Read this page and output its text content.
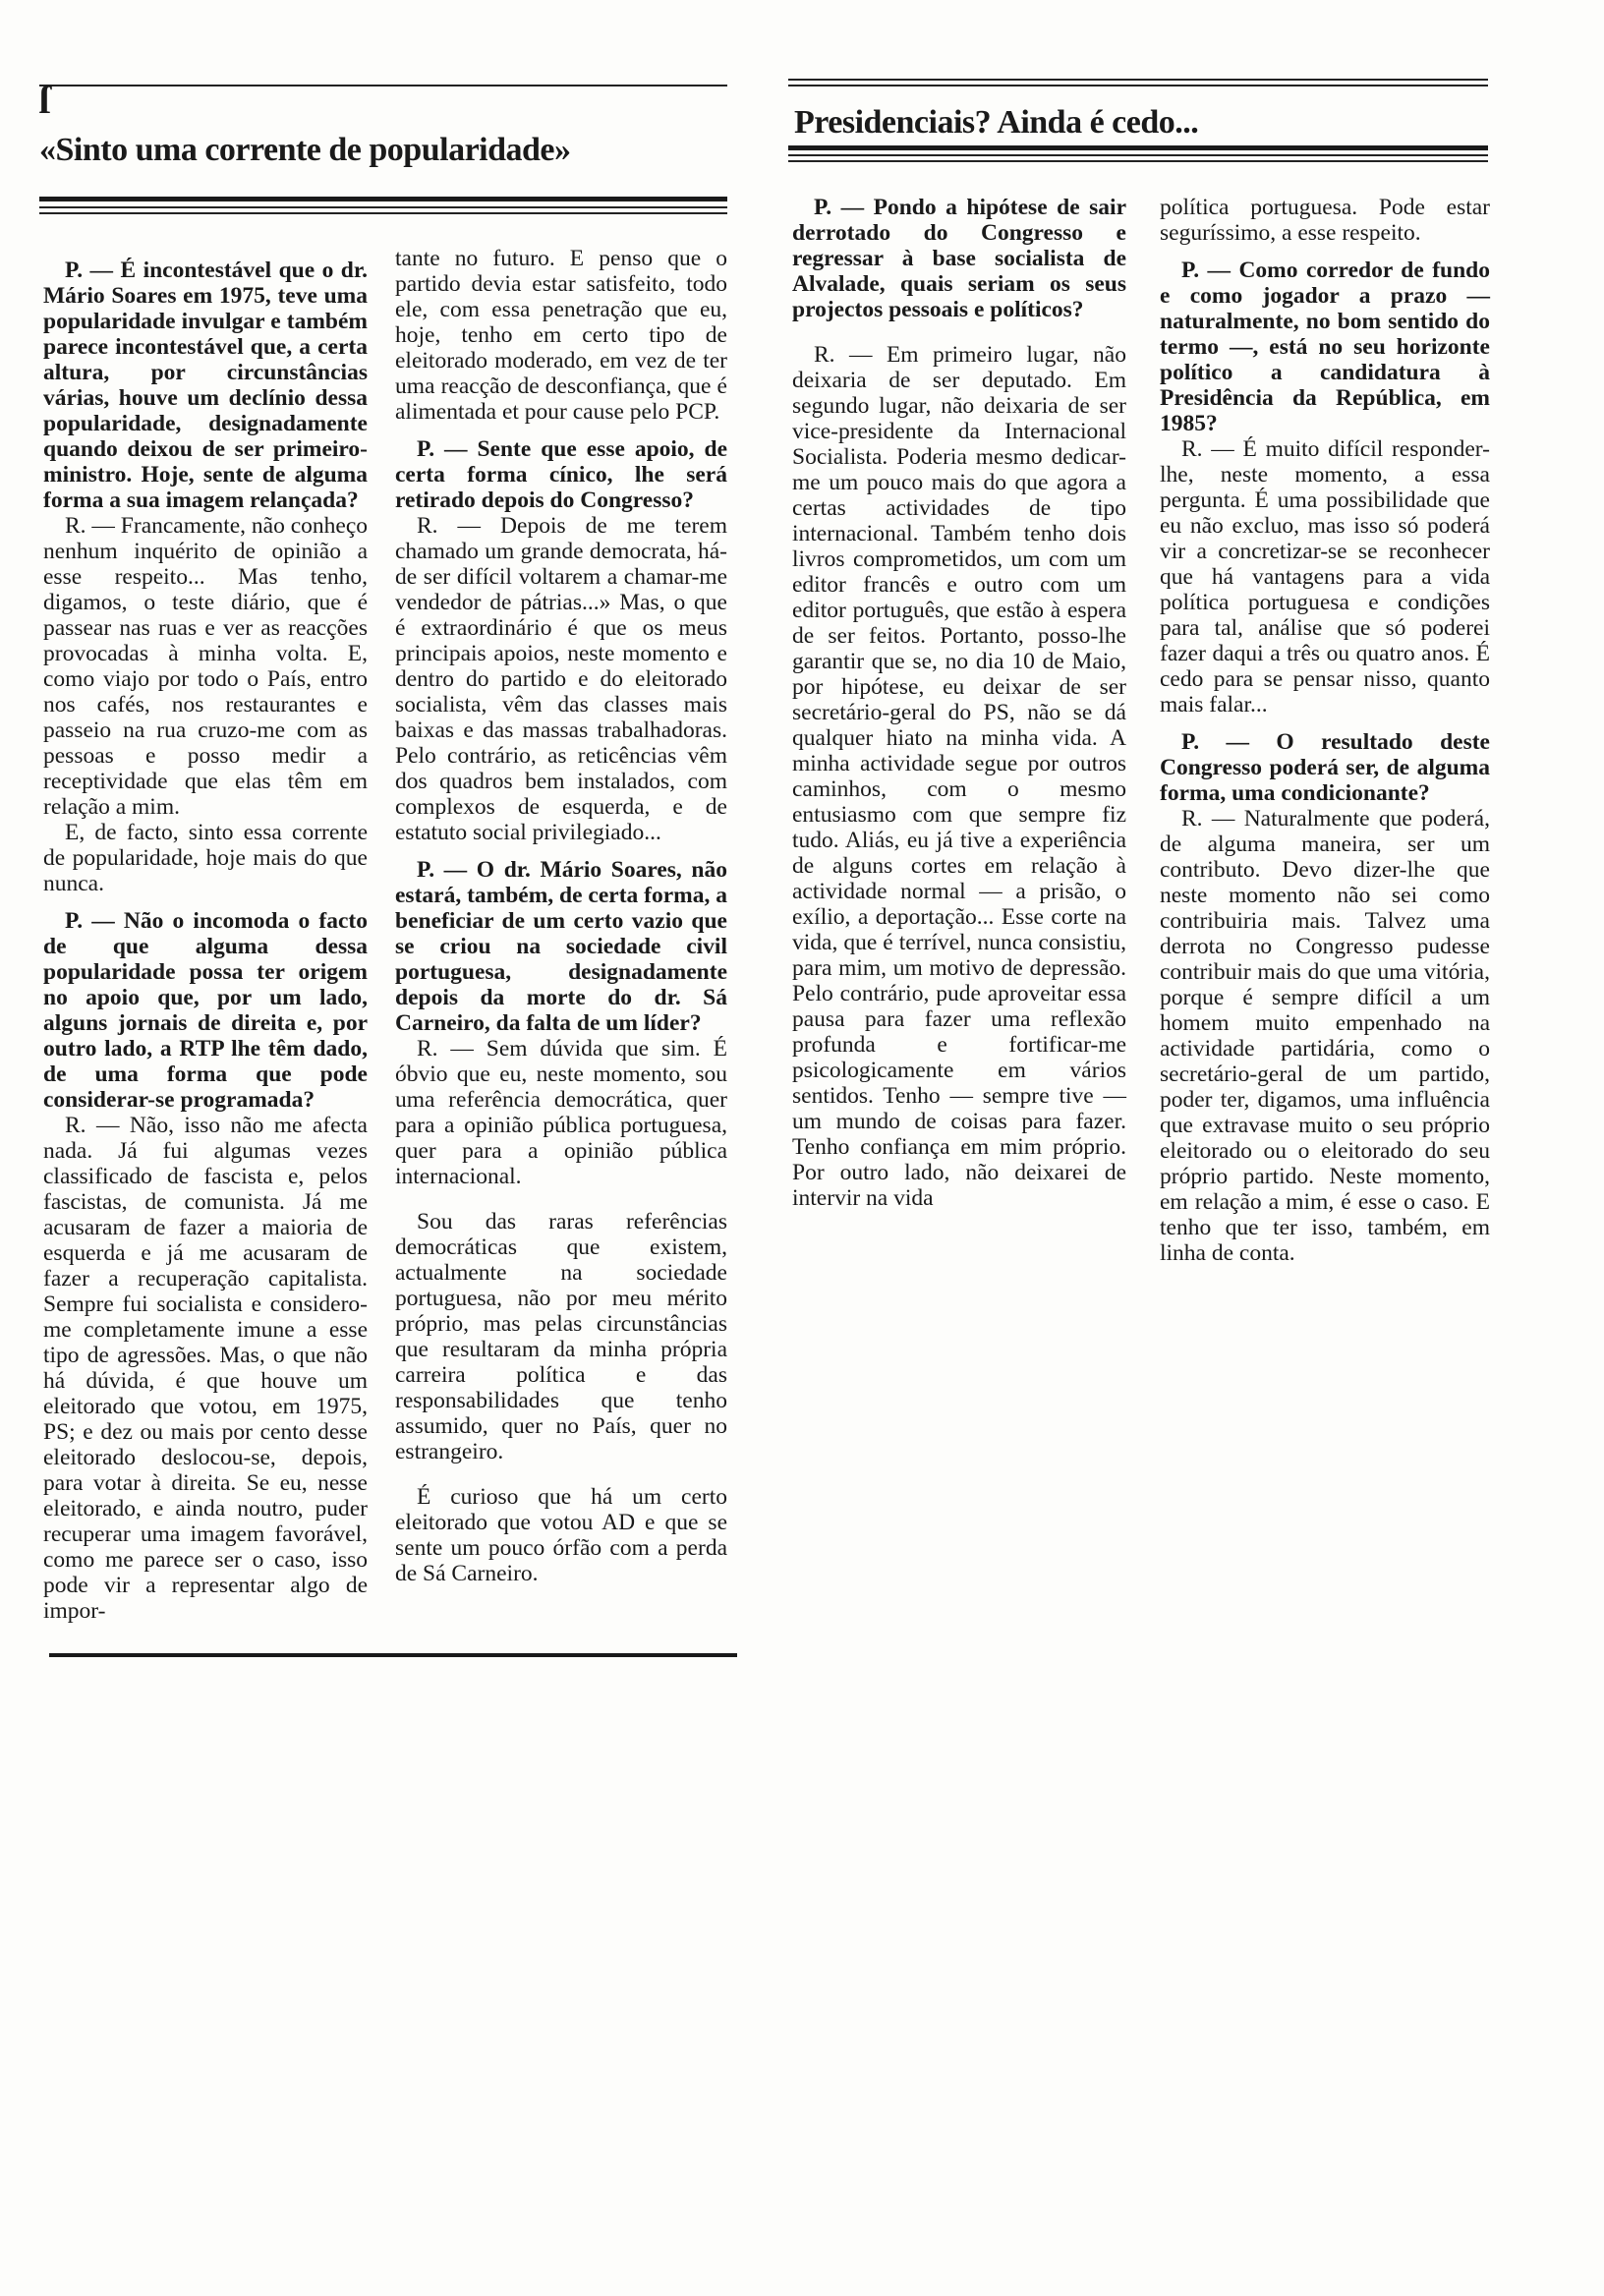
ſ
«Sinto uma corrente de popularidade»
Presidenciais? Ainda é cedo...

P. — É incontestável que o dr. Mário Soares em 1975, teve uma popularidade invulgar e também parece incontestável que, a certa altura, por circunstâncias várias, houve um declínio dessa popularidade, designadamente quando deixou de ser primeiro-ministro. Hoje, sente de alguma forma a sua imagem relançada?

R. — Francamente, não conheço nenhum inquérito de opinião a esse respeito... Mas tenho, digamos, o teste diário, que é passear nas ruas e ver as reacções provocadas à minha volta. E, como viajo por todo o País, entro nos cafés, nos restaurantes e passeio na rua cruzo-me com as pessoas e posso medir a receptividade que elas têm em relação a mim.

E, de facto, sinto essa corrente de popularidade, hoje mais do que nunca.

P. — Não o incomoda o facto de que alguma dessa popularidade possa ter origem no apoio que, por um lado, alguns jornais de direita e, por outro lado, a RTP lhe têm dado, de uma forma que pode considerar-se programada?

R. — Não, isso não me afecta nada. Já fui algumas vezes classificado de fascista e, pelos fascistas, de comunista. Já me acusaram de fazer a maioria de esquerda e já me acusaram de fazer a recuperação capitalista. Sempre fui socialista e considero-me completamente imune a esse tipo de agressões. Mas, o que não há dúvida, é que houve um eleitorado que votou, em 1975, PS; e dez ou mais por cento desse eleitorado deslocou-se, depois, para votar à direita. Se eu, nesse eleitorado, e ainda noutro, puder recuperar uma imagem favorável, como me parece ser o caso, isso pode vir a representar algo de impor-

tante no futuro. E penso que o partido devia estar satisfeito, todo ele, com essa penetração que eu, hoje, tenho em certo tipo de eleitorado moderado, em vez de ter uma reacção de desconfiança, que é alimentada et pour cause pelo PCP.

P. — Sente que esse apoio, de certa forma cínico, lhe será retirado depois do Congresso?

R. — Depois de me terem chamado um grande democrata, há-de ser difícil voltarem a chamar-me vendedor de pátrias...» Mas, o que é extraordinário é que os meus principais apoios, neste momento e dentro do partido e do eleitorado socialista, vêm das classes mais baixas e das massas trabalhadoras. Pelo contrário, as reticências vêm dos quadros bem instalados, com complexos de esquerda, e de estatuto social privilegiado...

P. — O dr. Mário Soares, não estará, também, de certa forma, a beneficiar de um certo vazio que se criou na sociedade civil portuguesa, designadamente depois da morte do dr. Sá Carneiro, da falta de um líder?

R. — Sem dúvida que sim. É óbvio que eu, neste momento, sou uma referência democrática, quer para a opinião pública portuguesa, quer para a opinião pública internacional.

Sou das raras referências democráticas que existem, actualmente na sociedade portuguesa, não por meu mérito próprio, mas pelas circunstâncias que resultaram da minha própria carreira política e das responsabilidades que tenho assumido, quer no País, quer no estrangeiro.

É curioso que há um certo eleitorado que votou AD e que se sente um pouco órfão com a perda de Sá Carneiro.

P. — Pondo a hipótese de sair derrotado do Congresso e regressar à base socialista de Alvalade, quais seriam os seus projectos pessoais e políticos?

R. — Em primeiro lugar, não deixaria de ser deputado. Em segundo lugar, não deixaria de ser vice-presidente da Internacional Socialista. Poderia mesmo dedicar-me um pouco mais do que agora a certas actividades de tipo internacional. Também tenho dois livros comprometidos, um com um editor francês e outro com um editor português, que estão à espera de ser feitos. Portanto, posso-lhe garantir que se, no dia 10 de Maio, por hipótese, eu deixar de ser secretário-geral do PS, não se dá qualquer hiato na minha vida. A minha actividade segue por outros caminhos, com o mesmo entusiasmo com que sempre fiz tudo. Aliás, eu já tive a experiência de alguns cortes em relação à actividade normal — a prisão, o exílio, a deportação... Esse corte na vida, que é terrível, nunca consistiu, para mim, um motivo de depressão. Pelo contrário, pude aproveitar essa pausa para fazer uma reflexão profunda e fortificar-me psicologicamente em vários sentidos. Tenho — sempre tive — um mundo de coisas para fazer. Tenho confiança em mim próprio. Por outro lado, não deixarei de intervir na vida

política portuguesa. Pode estar seguríssimo, a esse respeito.

P. — Como corredor de fundo e como jogador a prazo — naturalmente, no bom sentido do termo —, está no seu horizonte político a candidatura à Presidência da República, em 1985?

R. — É muito difícil responder-lhe, neste momento, a essa pergunta. É uma possibilidade que eu não excluo, mas isso só poderá vir a concretizar-se se reconhecer que há vantagens para a vida política portuguesa e condições para tal, análise que só poderei fazer daqui a três ou quatro anos. É cedo para se pensar nisso, quanto mais falar...

P. — O resultado deste Congresso poderá ser, de alguma forma, uma condicionante?

R. — Naturalmente que poderá, de alguma maneira, ser um contributo. Devo dizer-lhe que neste momento não sei como contribuiria mais. Talvez uma derrota no Congresso pudesse contribuir mais do que uma vitória, porque é sempre difícil a um homem muito empenhado na actividade partidária, como o secretário-geral de um partido, poder ter, digamos, uma influência que extravase muito o seu próprio eleitorado ou o eleitorado do seu próprio partido. Neste momento, em relação a mim, é esse o caso. E tenho que ter isso, também, em linha de conta.
